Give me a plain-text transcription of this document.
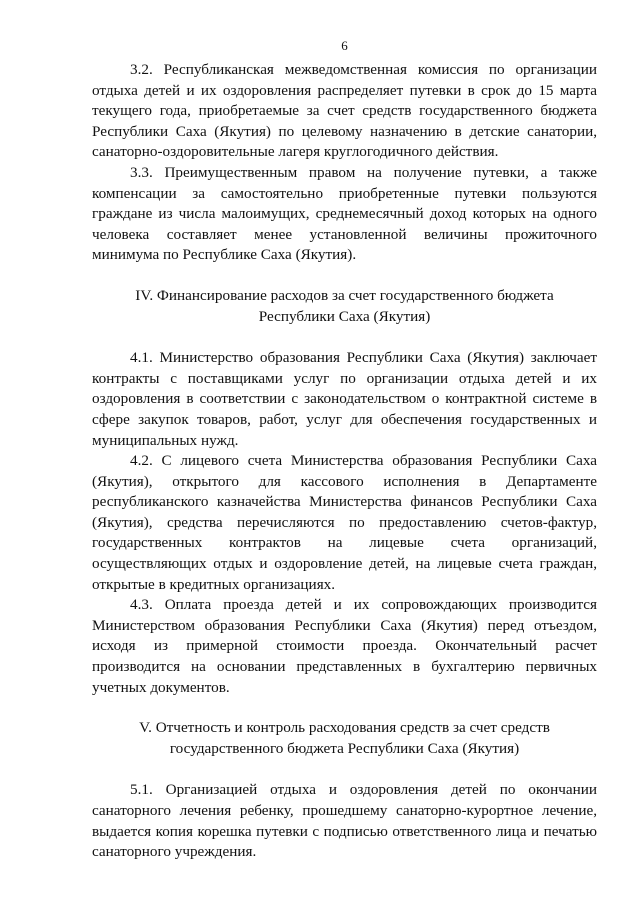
6

3.2. Республиканская межведомственная комиссия по организации отдыха детей и их оздоровления распределяет путевки в срок до 15 марта текущего года, приобретаемые за счет средств государственного бюджета Республики Саха (Якутия) по целевому назначению в детские санатории, санаторно-оздоровительные лагеря круглогодичного действия.

3.3. Преимущественным правом на получение путевки, а также компенсации за самостоятельно приобретенные путевки пользуются граждане из числа малоимущих, среднемесячный доход которых на одного человека составляет менее установленной величины прожиточного минимума по Республике Саха (Якутия).

IV. Финансирование расходов за счет государственного бюджета
Республики Саха (Якутия)

4.1. Министерство образования Республики Саха (Якутия) заключает контракты с поставщиками услуг по организации отдыха детей и их оздоровления в соответствии с законодательством о контрактной системе в сфере закупок товаров, работ, услуг для обеспечения государственных и муниципальных нужд.

4.2. С лицевого счета Министерства образования Республики Саха (Якутия), открытого для кассового исполнения в Департаменте республиканского казначейства Министерства финансов Республики Саха (Якутия), средства перечисляются по предоставлению счетов-фактур, государственных контрактов на лицевые счета организаций, осуществляющих отдых и оздоровление детей, на лицевые счета граждан, открытые в кредитных организациях.

4.3. Оплата проезда детей и их сопровождающих производится Министерством образования Республики Саха (Якутия) перед отъездом, исходя из примерной стоимости проезда. Окончательный расчет производится на основании представленных в бухгалтерию первичных учетных документов.

V. Отчетность и контроль расходования средств за счет средств
государственного бюджета Республики Саха (Якутия)

5.1. Организацией отдыха и оздоровления детей по окончании санаторного лечения ребенку, прошедшему санаторно-курортное лечение, выдается копия корешка путевки с подписью ответственного лица и печатью санаторного учреждения.
